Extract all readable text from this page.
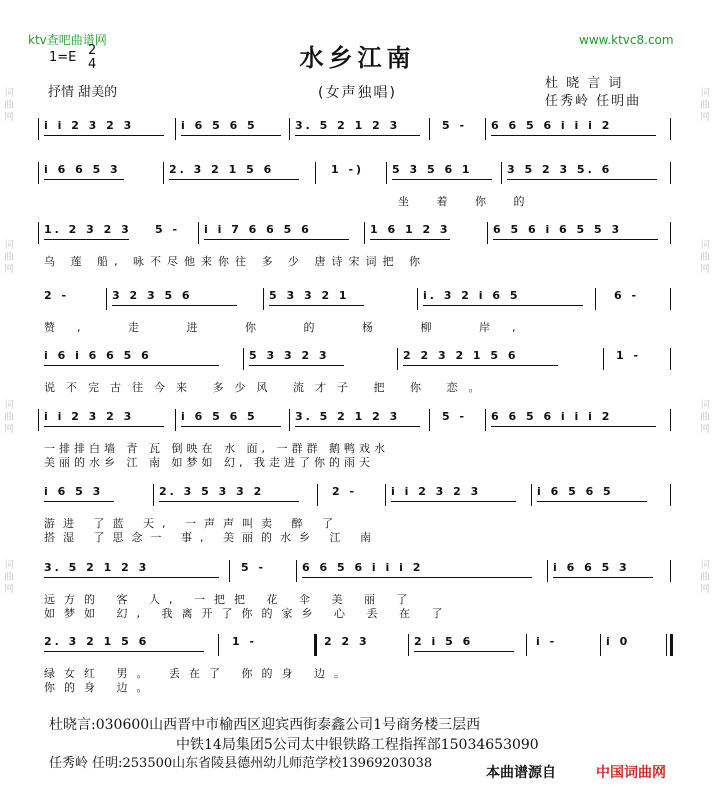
ktv查吧曲谱网	www.ktvc8.com
1=E 2
4
抒情 甜美的
水乡江南
(女声独唱)
杜 晓 言 词
任秀岭 任明曲
词曲网
词曲网
词曲网
词曲网
词曲网
词曲网
词曲网
词曲网
i i 2 3 2 3	i 6 5 6 5	3. 5 2 1 2 3	5 - 6 6 5 6 i i i 2
i 6 6 5 3	2. 3 2 1 5 6	1 -)	5 3 5 6 1	3 5 2 3 5. 6
坐 着 你 的
1. 2 3 2 3 5 - i i 7 6 6 5 6	1 6 1 2 3	6 5 6 i 6 5 5 3
乌 莲 船, 咏不尽他来你往 多 少 唐诗宋词把 你
2 -	3 2 3 5 6	5 3 3 2 1	i. 3 2 i 6 5	6 -
赞, 走 进 你 的 杨 柳 岸,
i 6 i 6 6 5 6	5 3 3 2 3	2 2 3 2 1 5 6	1 -
说不完古往今来 多少风 流才子 把 你 恋。
i i 2 3 2 3	i 6 5 6 5	3. 5 2 1 2 3	5 - 6 6 5 6 i i i 2
一排排白墙 青 瓦 倒映在 水 面, 一群群 鹅鸭戏水
美丽的水乡 江 南 如梦如 幻, 我走进了你的雨天
i 6 5 3	2. 3 5 3 3 2	2 -	i i 2 3 2 3	i 6 5 6 5
游进 了蓝 天, 一声声叫卖 醉 了
搭湿 了思念一 事, 美丽的水乡 江 南
3. 5 2 1 2 3	5 -	6 6 5 6 i i i 2	i 6 6 5 3
远方的 客 人, 一把把 花 伞 美 丽 了
如梦如 幻, 我离开了你的家乡 心 丢 在 了
2. 3 2 1 5 6	1 -	2 2 3	2 i 5 6	i -	i 0
绿女红 男。 丢在了 你的身 边。
你的身 边。
杜晓言:030600山西晋中市榆西区迎宾西街泰鑫公司1号商务楼三层西
中铁14局集团5公司太中银铁路工程指挥部15034653090
任秀岭 任明:253500山东省陵县德州幼儿师范学校13969203038
本曲谱源自	中国词曲网
